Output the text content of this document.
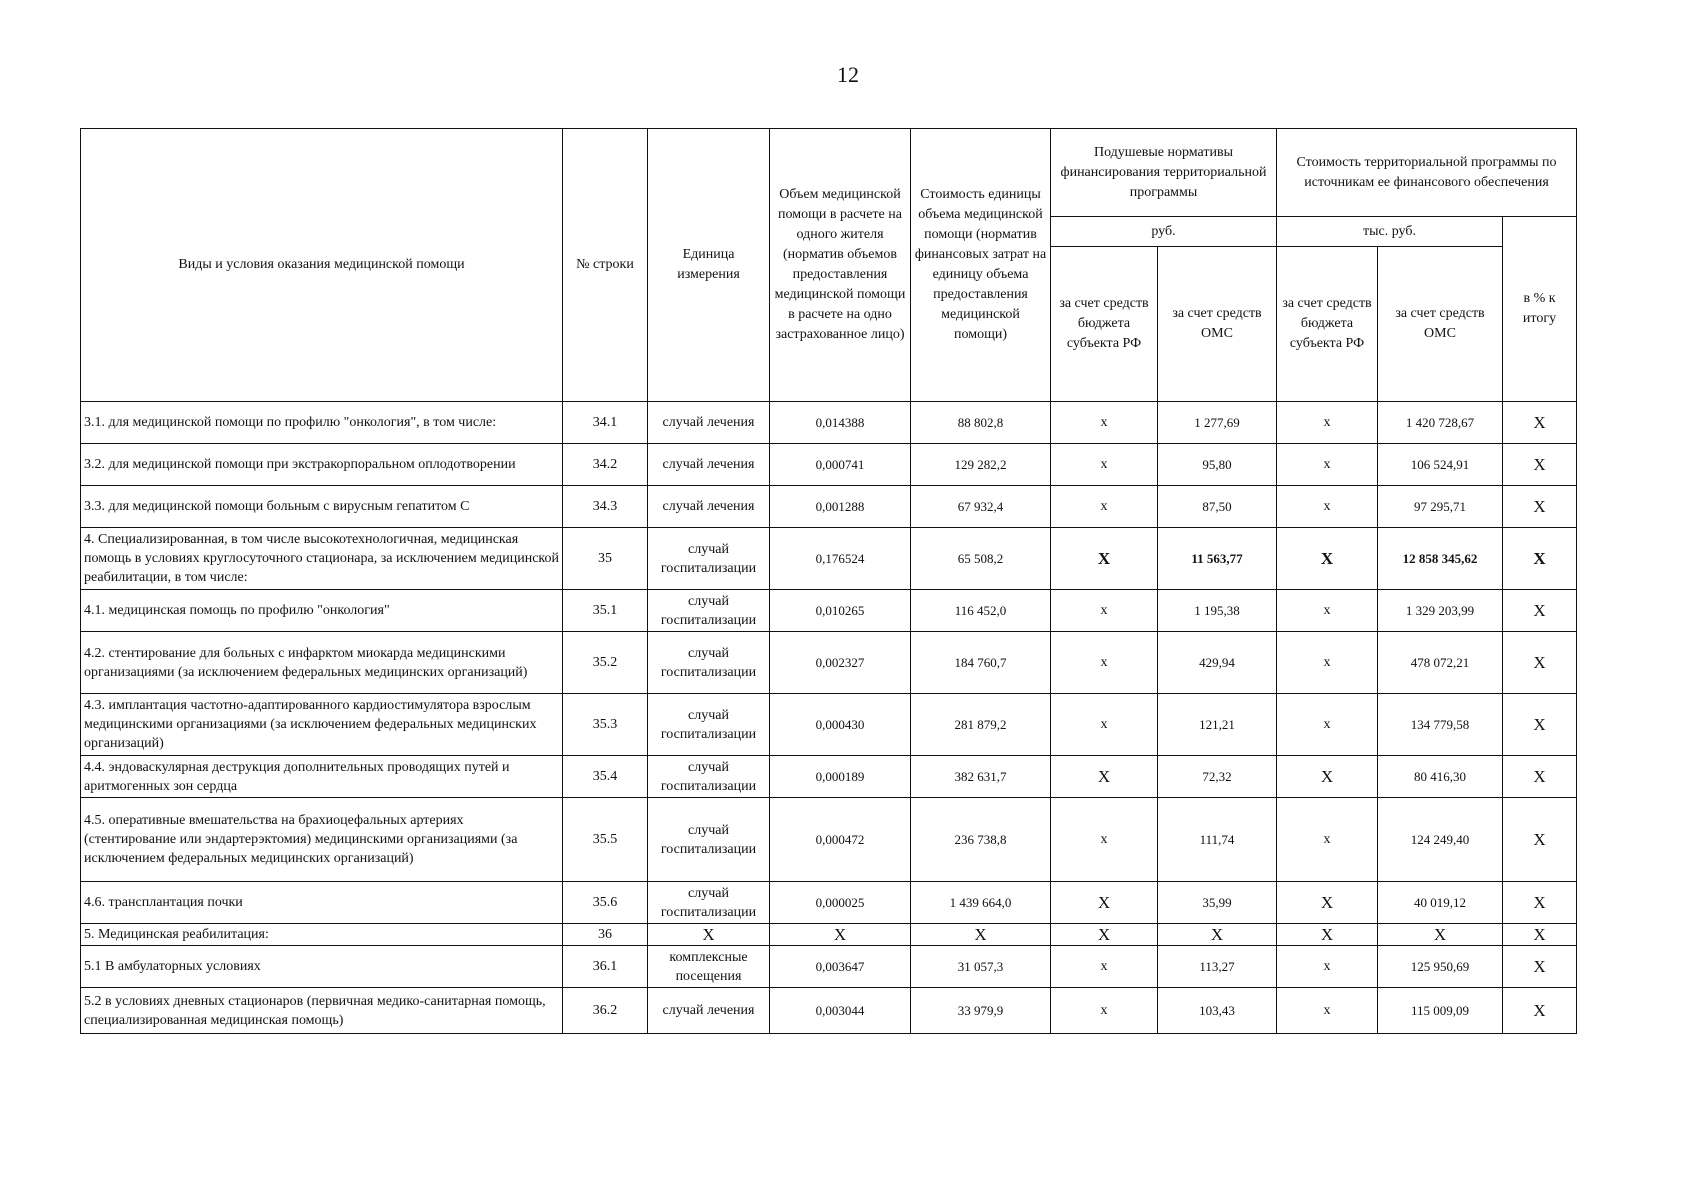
12
Виды и условия оказания медицинской помощи	№ строки	Единица измерения	Объем медицинской помощи в расчете на одного жителя (норматив объемов предоставления медицинской помощи в расчете на одно застрахованное лицо)	Стоимость единицы объема медицинской помощи (норматив финансовых затрат на единицу объема предоставления медицинской помощи)	Подушевые нормативы финансирования территориальной программы		Стоимость территориальной программы по источникам ее финансового обеспечения		
					руб.		тыс. руб.		в % к итогу
					за счет средств бюджета субъекта РФ	за счет средств ОМС	за счет средств бюджета субъекта РФ	за счет средств ОМС	
3.1. для медицинской помощи по профилю "онкология", в том числе:	34.1	случай лечения	0,014388	88 802,8	х	1 277,69	х	1 420 728,67	Х
3.2. для медицинской помощи при экстракорпоральном оплодотворении	34.2	случай лечения	0,000741	129 282,2	х	95,80	х	106 524,91	Х
3.3. для медицинской помощи больным с вирусным гепатитом С	34.3	случай лечения	0,001288	67 932,4	х	87,50	х	97 295,71	Х
4. Специализированная, в том числе высокотехнологичная, медицинская помощь в условиях круглосуточного стационара, за исключением медицинской реабилитации, в том числе:	35	случай госпитализации	0,176524	65 508,2	Х	11 563,77	Х	12 858 345,62	Х
4.1. медицинская помощь по профилю "онкология"	35.1	случай госпитализации	0,010265	116 452,0	х	1 195,38	х	1 329 203,99	Х
4.2. стентирование для больных с инфарктом миокарда медицинскими организациями (за исключением федеральных медицинских организаций)	35.2	случай госпитализации	0,002327	184 760,7	х	429,94	х	478 072,21	Х
4.3. имплантация частотно-адаптированного кардиостимулятора взрослым медицинскими организациями (за исключением федеральных медицинских организаций)	35.3	случай госпитализации	0,000430	281 879,2	х	121,21	х	134 779,58	Х
4.4. эндоваскулярная деструкция дополнительных проводящих путей и аритмогенных зон сердца	35.4	случай госпитализации	0,000189	382 631,7	Х	72,32	Х	80 416,30	Х
4.5. оперативные вмешательства на брахиоцефальных артериях (стентирование или эндартерэктомия) медицинскими организациями (за исключением федеральных медицинских организаций)	35.5	случай госпитализации	0,000472	236 738,8	х	111,74	х	124 249,40	Х
4.6. трансплантация почки	35.6	случай госпитализации	0,000025	1 439 664,0	Х	35,99	Х	40 019,12	Х
5. Медицинская реабилитация:	36	Х	Х	Х	Х	Х	Х	Х	Х
5.1 В амбулаторных условиях	36.1	комплексные посещения	0,003647	31 057,3	х	113,27	х	125 950,69	Х
5.2 в условиях дневных стационаров (первичная медико-санитарная помощь, специализированная медицинская помощь)	36.2	случай лечения	0,003044	33 979,9	х	103,43	х	115 009,09	Х
